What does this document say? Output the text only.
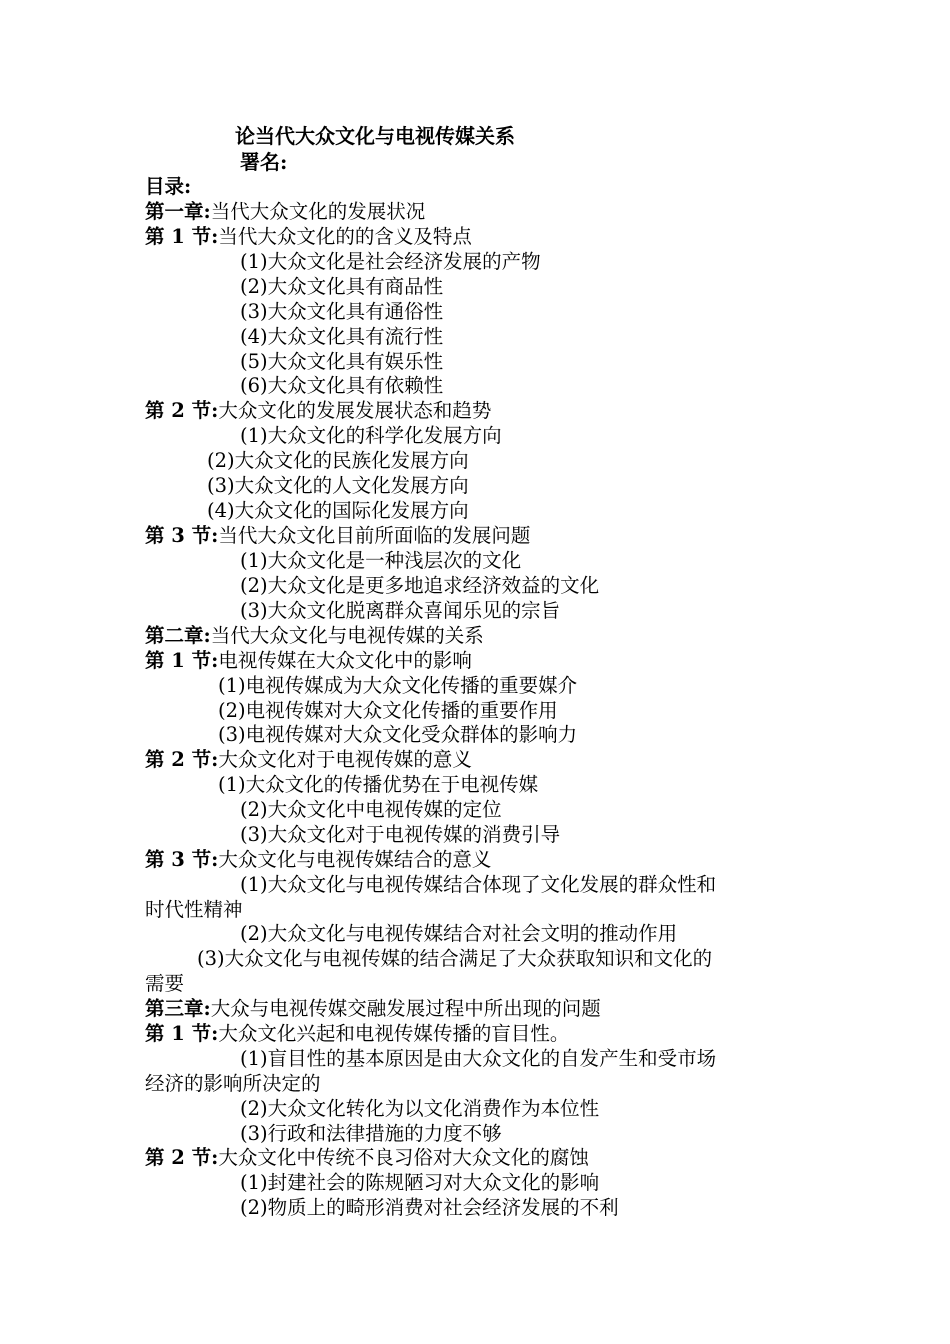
论当代大众文化与电视传媒关系
署名:
目录:
第一章:当代大众文化的发展状况
第 1 节:当代大众文化的的含义及特点
(1)大众文化是社会经济发展的产物
(2)大众文化具有商品性
(3)大众文化具有通俗性
(4)大众文化具有流行性
(5)大众文化具有娱乐性
(6)大众文化具有依赖性
第 2 节:大众文化的发展发展状态和趋势
(1)大众文化的科学化发展方向
(2)大众文化的民族化发展方向
(3)大众文化的人文化发展方向
(4)大众文化的国际化发展方向
第 3 节:当代大众文化目前所面临的发展问题
(1)大众文化是一种浅层次的文化
(2)大众文化是更多地追求经济效益的文化
(3)大众文化脱离群众喜闻乐见的宗旨
第二章:当代大众文化与电视传媒的关系
第 1 节:电视传媒在大众文化中的影响
(1)电视传媒成为大众文化传播的重要媒介
(2)电视传媒对大众文化传播的重要作用
(3)电视传媒对大众文化受众群体的影响力
第 2 节:大众文化对于电视传媒的意义
(1)大众文化的传播优势在于电视传媒
(2)大众文化中电视传媒的定位
(3)大众文化对于电视传媒的消费引导
第 3 节:大众文化与电视传媒结合的意义
(1)大众文化与电视传媒结合体现了文化发展的群众性和
时代性精神
(2)大众文化与电视传媒结合对社会文明的推动作用
(3)大众文化与电视传媒的结合满足了大众获取知识和文化的
需要
第三章:大众与电视传媒交融发展过程中所出现的问题
第 1 节:大众文化兴起和电视传媒传播的盲目性。
(1)盲目性的基本原因是由大众文化的自发产生和受市场
经济的影响所决定的
(2)大众文化转化为以文化消费作为本位性
(3)行政和法律措施的力度不够
第 2 节:大众文化中传统不良习俗对大众文化的腐蚀
(1)封建社会的陈规陋习对大众文化的影响
(2)物质上的畸形消费对社会经济发展的不利
